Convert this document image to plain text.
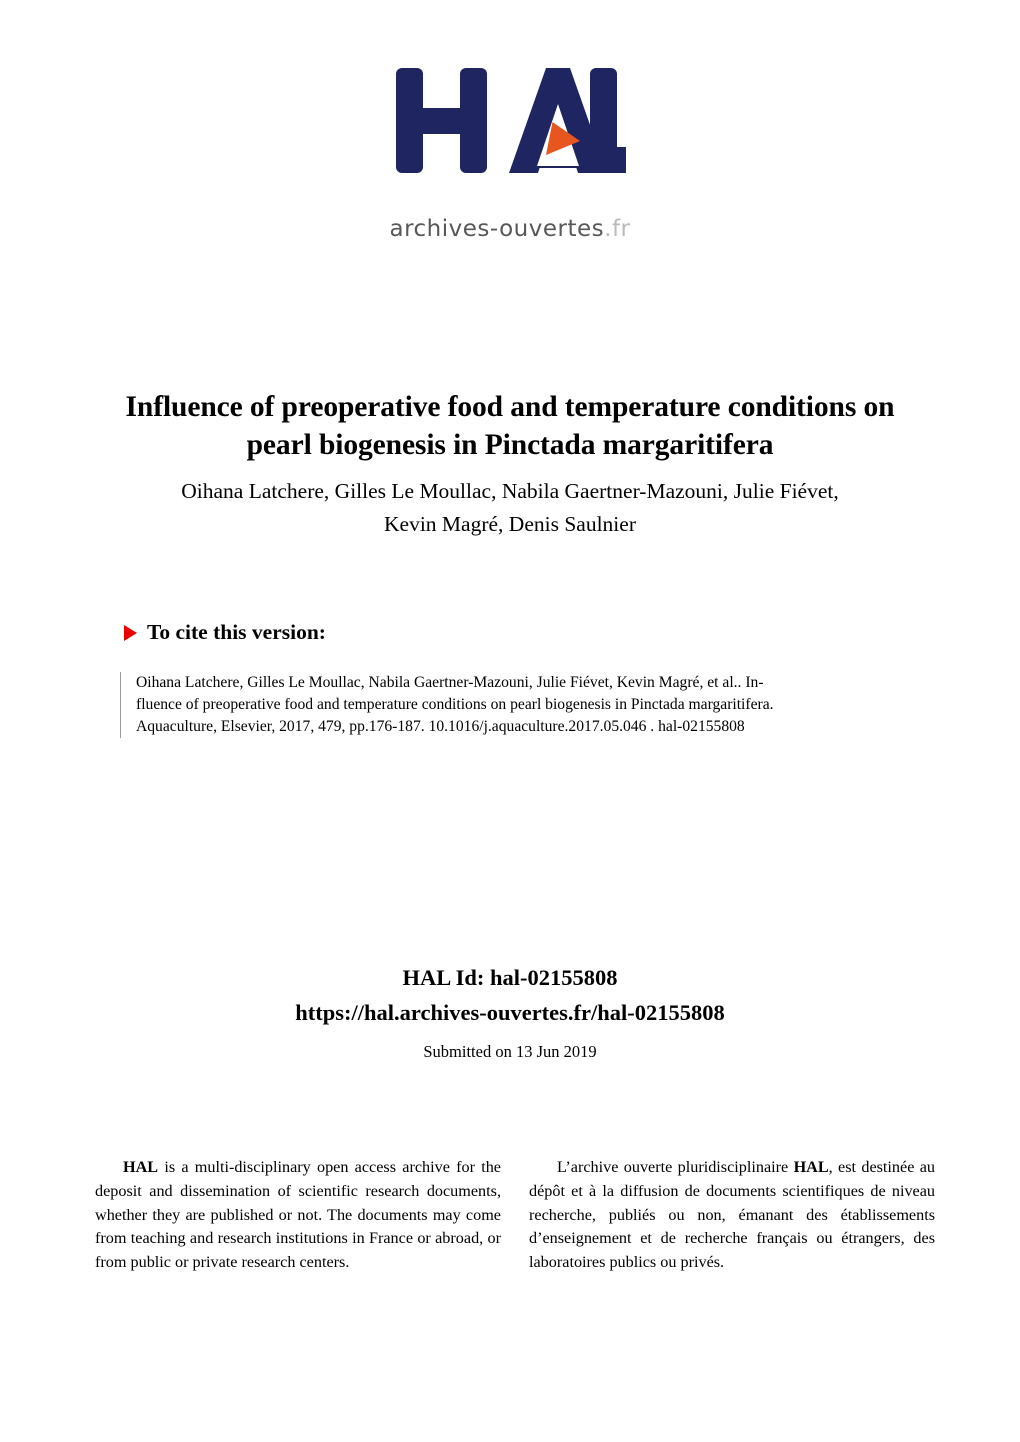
archives-ouvertes.fr
Influence of preoperative food and temperature conditions on pearl biogenesis in Pinctada margaritifera
Oihana Latchere, Gilles Le Moullac, Nabila Gaertner-Mazouni, Julie Fiévet,
Kevin Magré, Denis Saulnier
To cite this version:
Oihana Latchere, Gilles Le Moullac, Nabila Gaertner-Mazouni, Julie Fiévet, Kevin Magré, et al.. In-
fluence of preoperative food and temperature conditions on pearl biogenesis in Pinctada margaritifera.
Aquaculture, Elsevier, 2017, 479, pp.176-187. 10.1016/j.aquaculture.2017.05.046 . hal-02155808
HAL Id: hal-02155808
https://hal.archives-ouvertes.fr/hal-02155808
Submitted on 13 Jun 2019

HAL is a multi-disciplinary open access archive for the deposit and dissemination of scientific research documents, whether they are published or not. The documents may come from teaching and research institutions in France or abroad, or from public or private research centers.

L’archive ouverte pluridisciplinaire HAL, est destinée au dépôt et à la diffusion de documents scientifiques de niveau recherche, publiés ou non, émanant des établissements d’enseignement et de recherche français ou étrangers, des laboratoires publics ou privés.
